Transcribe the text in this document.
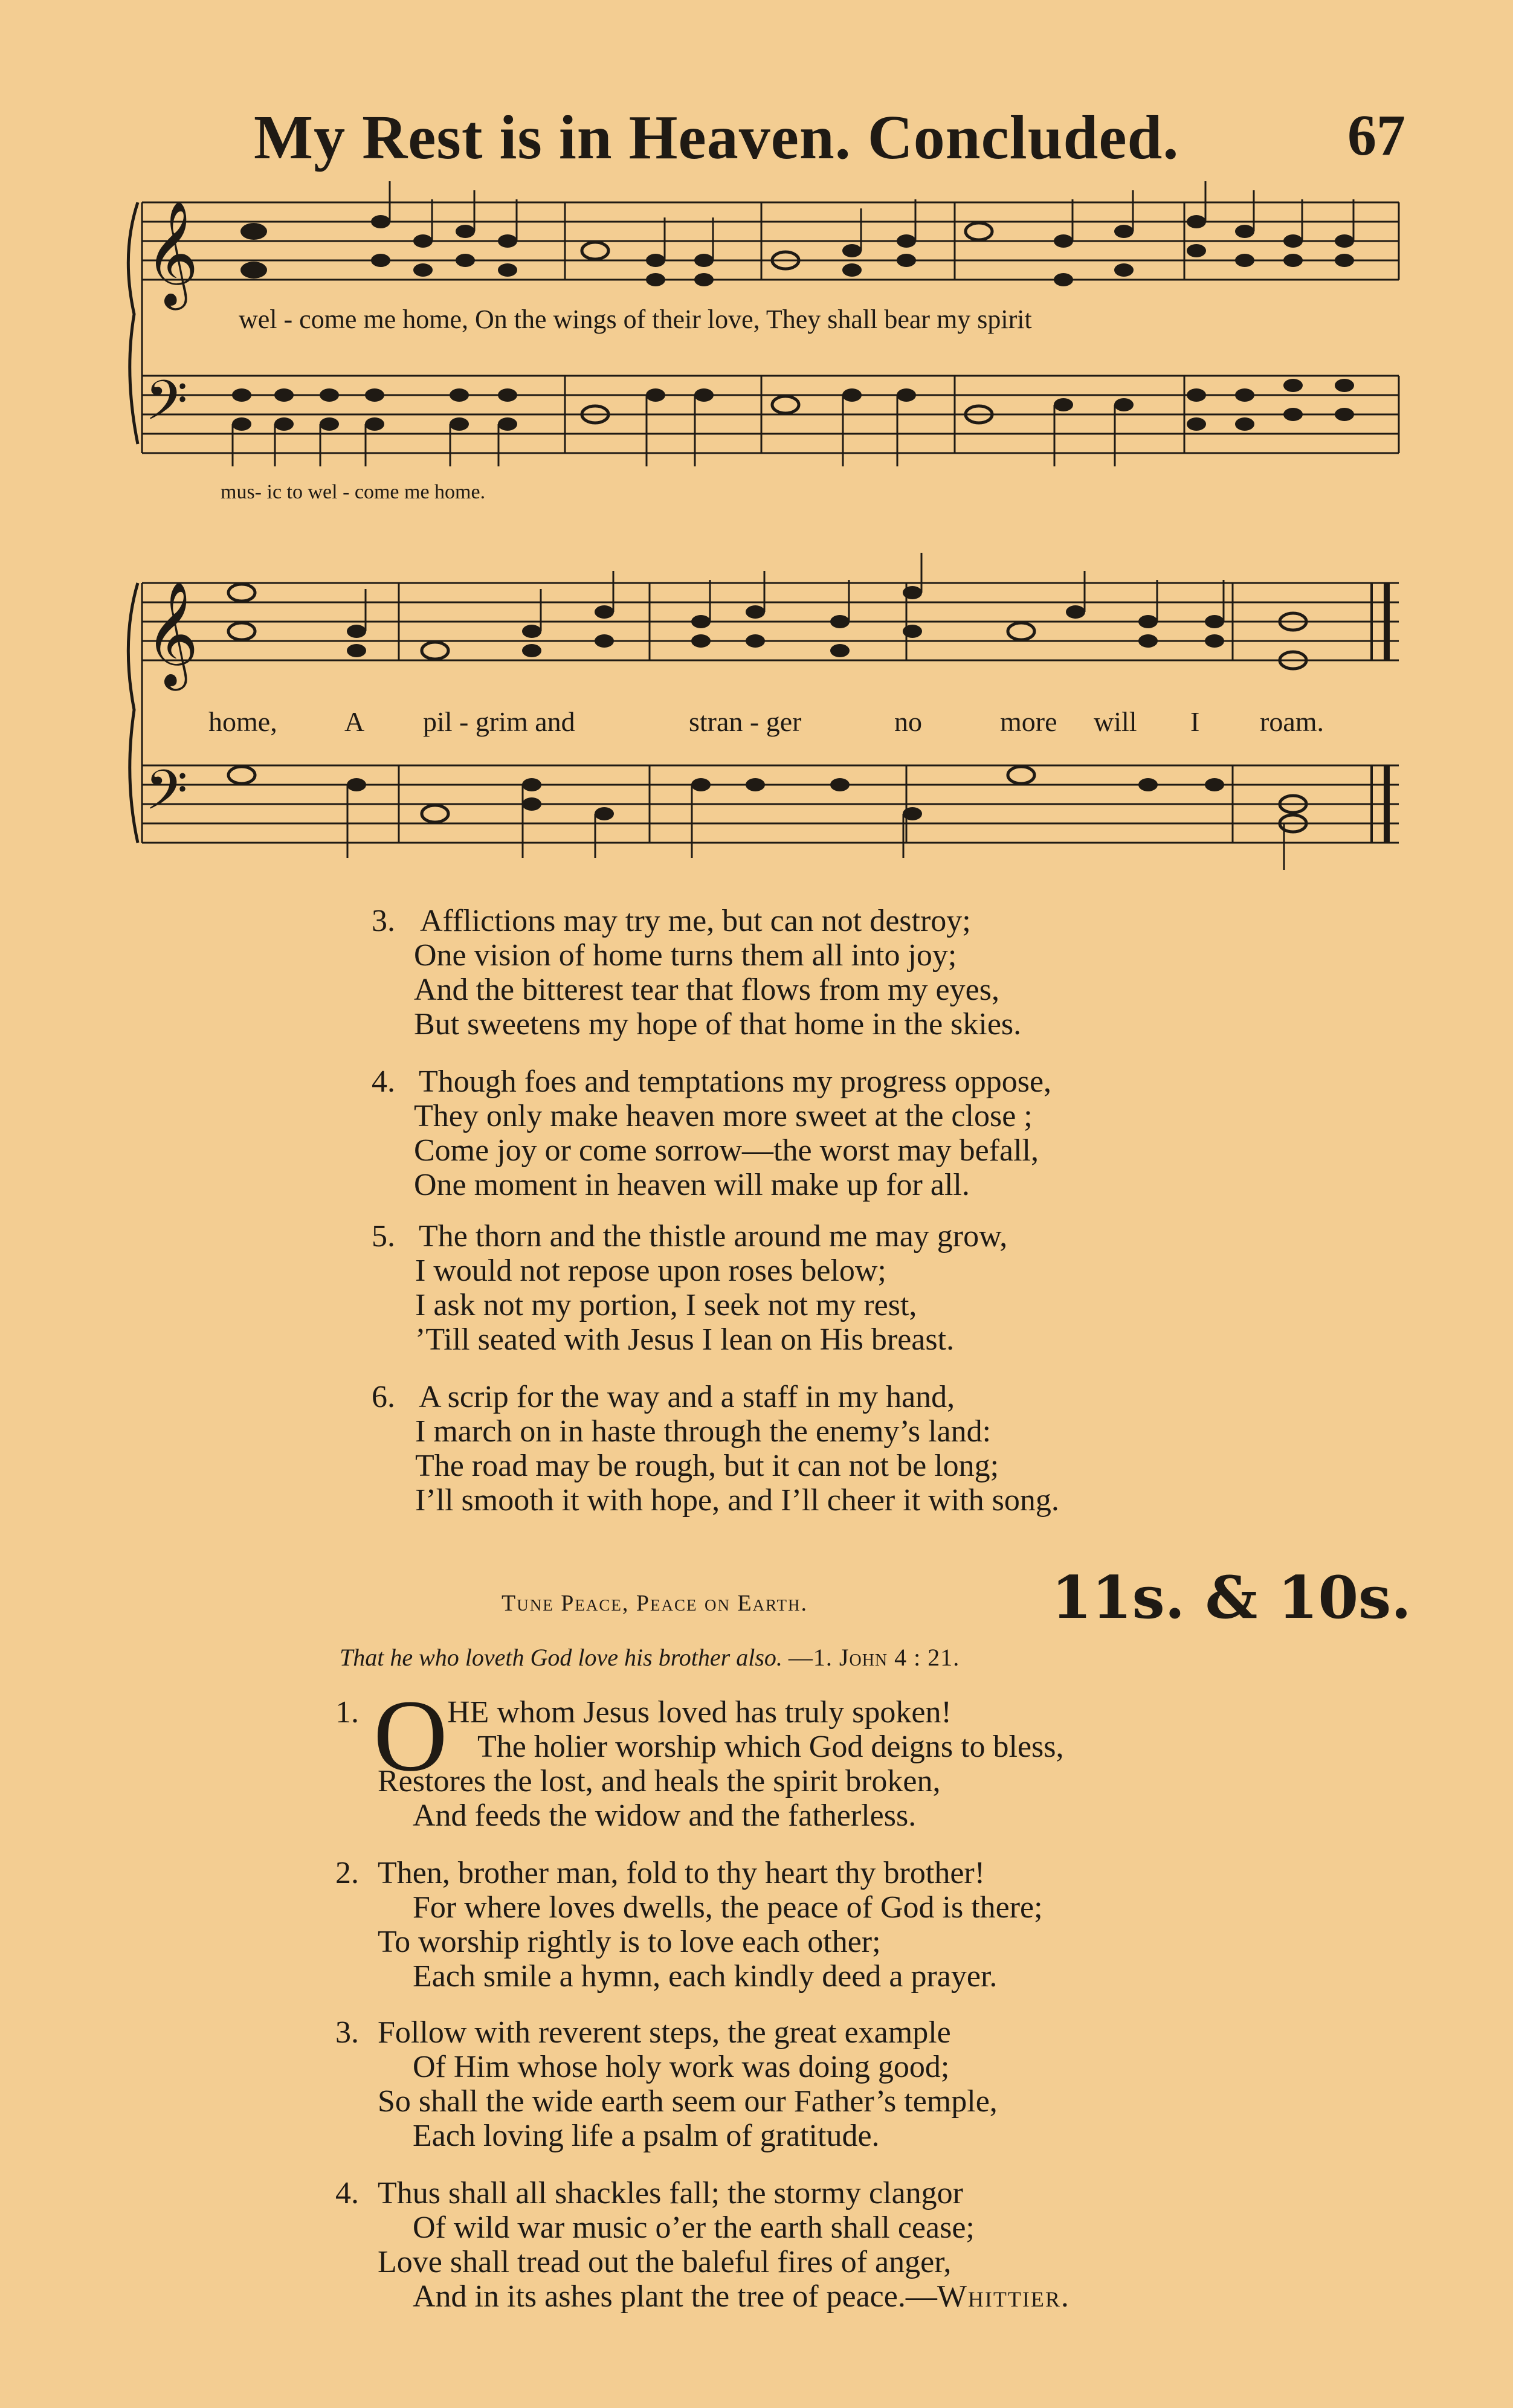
My Rest is in Heaven. Concluded.	67
𝄞
𝄢
wel - come me home, On the wings of their love, They shall bear my spirit
mus- ic to wel - come me home.
𝄞
𝄢
home, A pil - grim and	stran - ger	no	more will I roam.
3. Afflictions may try me, but can not destroy;
One vision of home turns them all into joy;
And the bitterest tear that flows from my eyes,
But sweetens my hope of that home in the skies.
4. Though foes and temptations my progress oppose,
They only make heaven more sweet at the close ;
Come joy or come sorrow—the worst may befall,
One moment in heaven will make up for all.
5. The thorn and the thistle around me may grow,
I would not repose upon roses below;
I ask not my portion, I seek not my rest,
’Till seated with Jesus I lean on His breast.
6. A scrip for the way and a staff in my hand,
I march on in haste through the enemy’s land:
The road may be rough, but it can not be long;
I’ll smooth it with hope, and I’ll cheer it with song.
Tune Peace, Peace on Earth.	11s. & 10s.
That he who loveth God love his brother also. —1. John 4 : 21.
O
1.	HE whom Jesus loved has truly spoken!
The holier worship which God deigns to bless,
Restores the lost, and heals the spirit broken,
And feeds the widow and the fatherless.
2. Then, brother man, fold to thy heart thy brother!
For where loves dwells, the peace of God is there;
To worship rightly is to love each other;
Each smile a hymn, each kindly deed a prayer.
3. Follow with reverent steps, the great example
Of Him whose holy work was doing good;
So shall the wide earth seem our Father’s temple,
Each loving life a psalm of gratitude.
4. Thus shall all shackles fall; the stormy clangor
Of wild war music o’er the earth shall cease;
Love shall tread out the baleful fires of anger,
And in its ashes plant the tree of peace.—Whittier.
